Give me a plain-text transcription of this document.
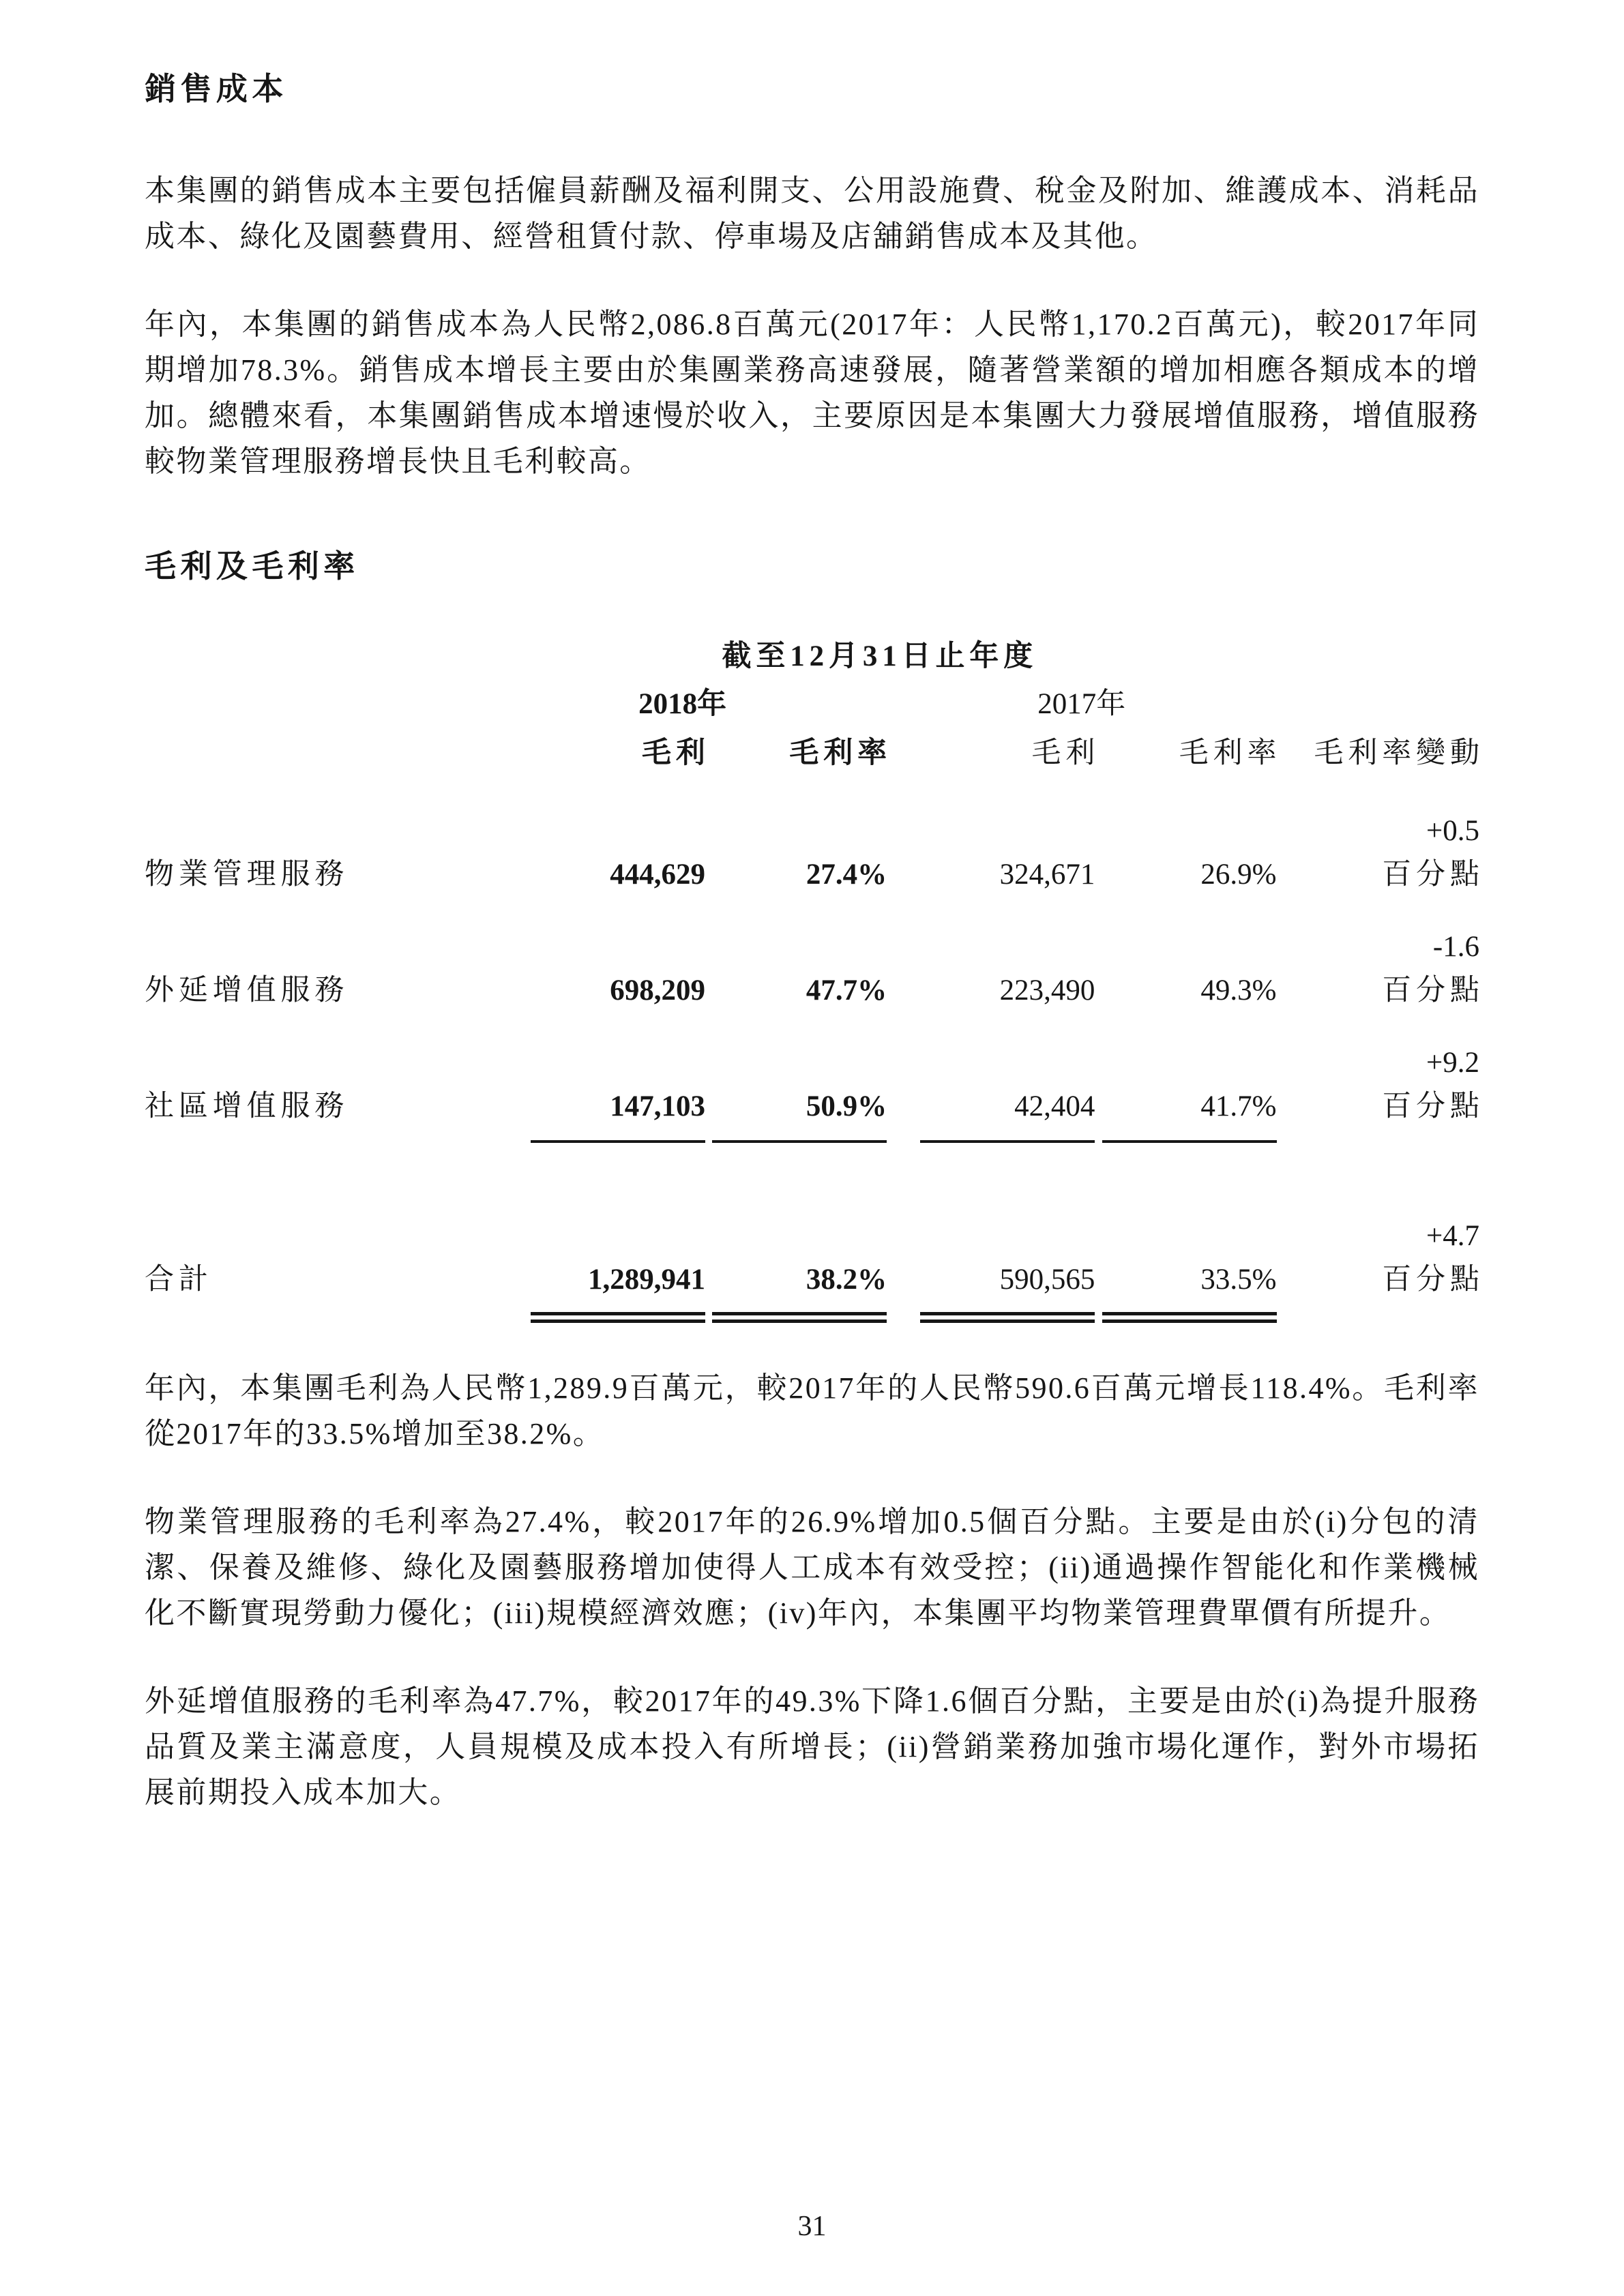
銷售成本

本集團的銷售成本主要包括僱員薪酬及福利開支、公用設施費、稅金及附加、維護成本、消耗品成本、綠化及園藝費用、經營租賃付款、停車場及店舖銷售成本及其他。

年內，本集團的銷售成本為人民幣2,086.8百萬元(2017年：人民幣1,170.2百萬元)，較2017年同期增加78.3%。銷售成本增長主要由於集團業務高速發展，隨著營業額的增加相應各類成本的增加。總體來看，本集團銷售成本增速慢於收入，主要原因是本集團大力發展增值服務，增值服務較物業管理服務增長快且毛利較高。

毛利及毛利率
	截至12月31日止年度				
	2018年		2017年		
	毛利	毛利率	毛利	毛利率	毛利率變動
物業管理服務	444,629	27.4%	324,671	26.9%	+0.5
百分點

外延增值服務	698,209	47.7%	223,490	49.3%	-1.6
百分點

社區增值服務	147,103	50.9%	42,404	41.7%	+9.2
百分點

合計	1,289,941	38.2%	590,565	33.5%	+4.7
百分點

年內，本集團毛利為人民幣1,289.9百萬元，較2017年的人民幣590.6百萬元增長118.4%。毛利率從2017年的33.5%增加至38.2%。

物業管理服務的毛利率為27.4%，較2017年的26.9%增加0.5個百分點。主要是由於(i)分包的清潔、保養及維修、綠化及園藝服務增加使得人工成本有效受控；(ii)通過操作智能化和作業機械化不斷實現勞動力優化；(iii)規模經濟效應；(iv)年內，本集團平均物業管理費單價有所提升。

外延增值服務的毛利率為47.7%，較2017年的49.3%下降1.6個百分點，主要是由於(i)為提升服務品質及業主滿意度，人員規模及成本投入有所增長；(ii)營銷業務加強市場化運作，對外市場拓展前期投入成本加大。

31
